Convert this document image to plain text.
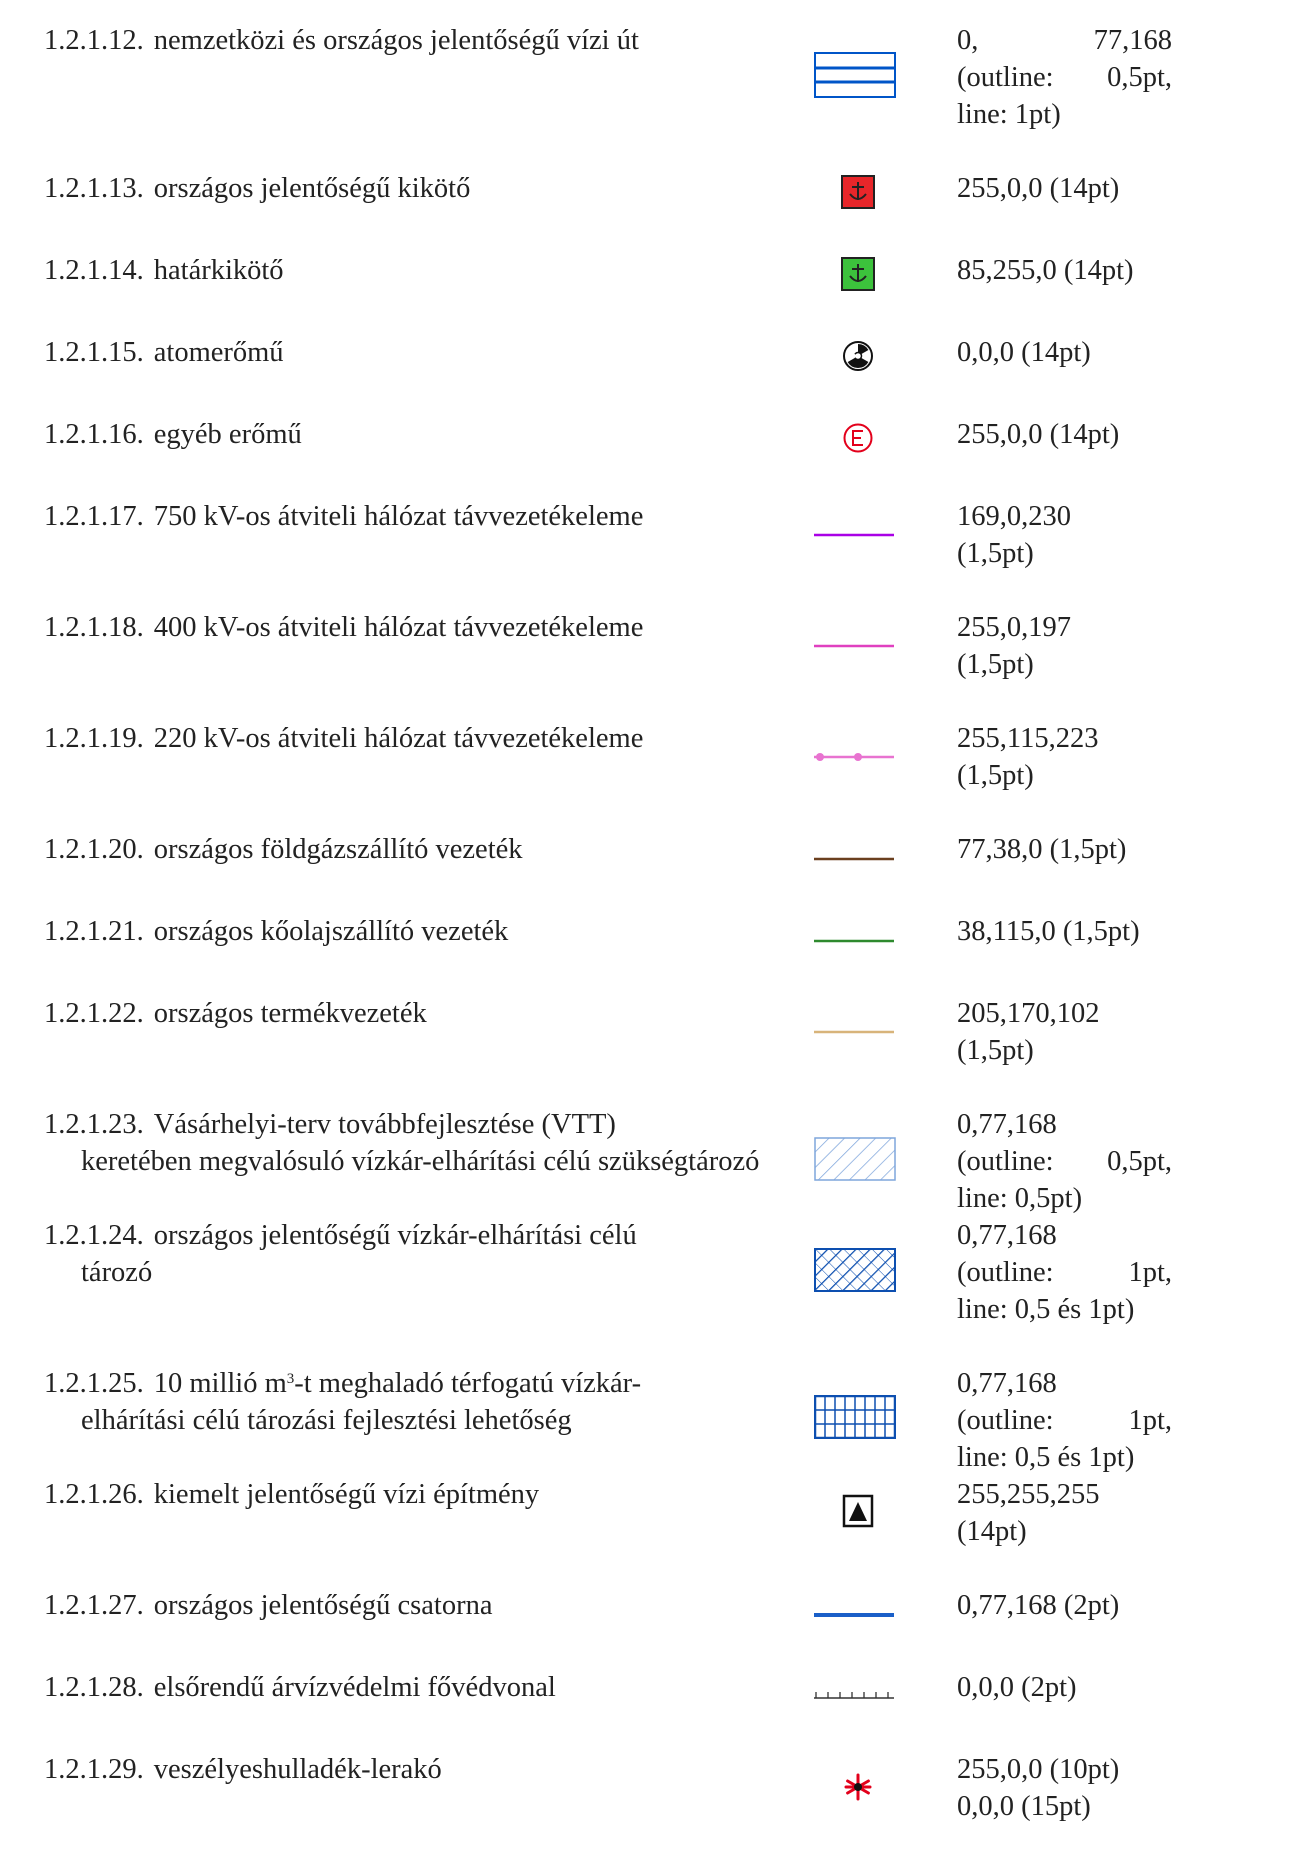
1.2.1.12. nemzetközi és országos jelentőségű vízi út	0,	77,168
(outline: 0,5pt,
line: 1pt)
1.2.1.13. országos jelentőségű kikötő	255,0,0 (14pt)
1.2.1.14. határkikötő	85,255,0 (14pt)
1.2.1.15. atomerőmű	0,0,0 (14pt)
1.2.1.16. egyéb erőmű	255,0,0 (14pt)
1.2.1.17. 750 kV-os átviteli hálózat távvezetékeleme	169,0,230
(1,5pt)
1.2.1.18. 400 kV-os átviteli hálózat távvezetékeleme	255,0,197
(1,5pt)
1.2.1.19. 220 kV-os átviteli hálózat távvezetékeleme	255,115,223
(1,5pt)
1.2.1.20. országos földgázszállító vezeték	77,38,0 (1,5pt)
1.2.1.21. országos kőolajszállító vezeték	38,115,0 (1,5pt)
1.2.1.22. országos termékvezeték	205,170,102
(1,5pt)
1.2.1.23. Vásárhelyi-terv továbbfejlesztése (VTT)
keretében megvalósuló vízkár-elhárítási célú szükségtározó
0,77,168
(outline: 0,5pt,
line: 0,5pt)
1.2.1.24. országos jelentőségű vízkár-elhárítási célú
tározó
0,77,168
(outline:	1pt,
line: 0,5 és 1pt)
1.2.1.25. 10 millió $m^3-t$ meghaladó térfogatú vízkár-
elhárítási célú tározási fejlesztési lehetőség
0,77,168
(outline:	1pt,
line: 0,5 és 1pt)
1.2.1.26. kiemelt jelentőségű vízi építmény	255,255,255
(14pt)
1.2.1.27. országos jelentőségű csatorna	0,77,168 (2pt)
1.2.1.28. elsőrendű árvízvédelmi fővédvonal	0,0,0 (2pt)
1.2.1.29. veszélyeshulladék-lerakó	255,0,0 (10pt)
0,0,0 (15pt)
